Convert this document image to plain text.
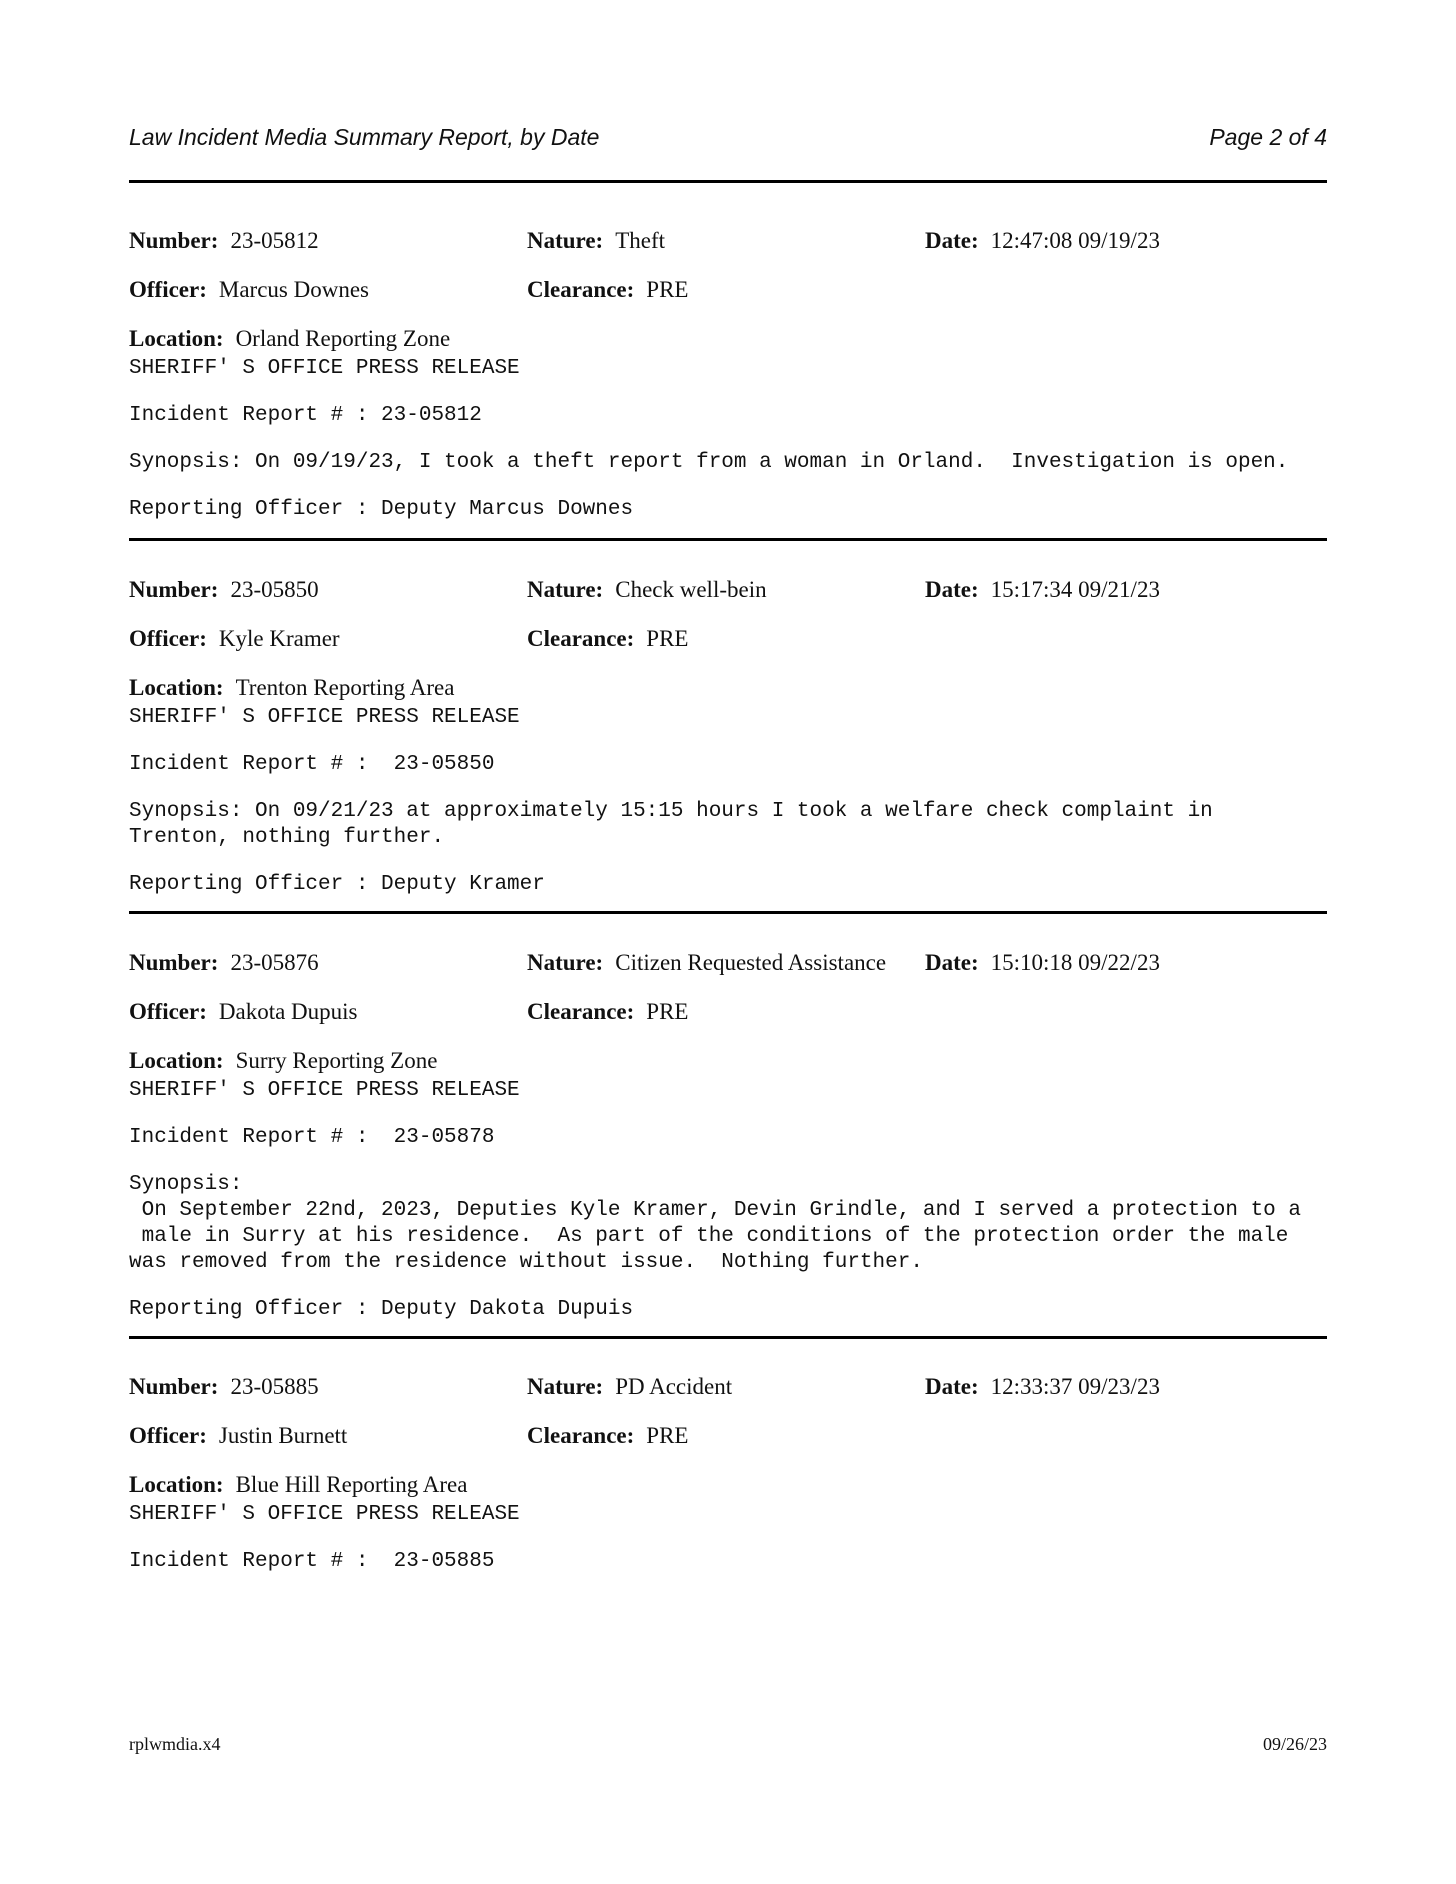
Law Incident Media Summary Report, by Date	Page 2 of 4
Number: 23-05812	Nature: Theft	Date: 12:47:08 09/19/23
Officer: Marcus Downes	Clearance: PRE
Location: Orland Reporting Zone
SHERIFF' S OFFICE PRESS RELEASE
Incident Report # : 23-05812
Synopsis: On 09/19/23, I took a theft report from a woman in Orland.  Investigation is open.
Reporting Officer : Deputy Marcus Downes
Number: 23-05850	Nature: Check well-bein	Date: 15:17:34 09/21/23
Officer: Kyle Kramer	Clearance: PRE
Location: Trenton Reporting Area
SHERIFF' S OFFICE PRESS RELEASE
Incident Report # :  23-05850
Synopsis: On 09/21/23 at approximately 15:15 hours I took a welfare check complaint in
Trenton, nothing further.
Reporting Officer : Deputy Kramer
Number: 23-05876	Nature: Citizen Requested Assistance Date: 15:10:18 09/22/23
Officer: Dakota Dupuis	Clearance: PRE
Location: Surry Reporting Zone
SHERIFF' S OFFICE PRESS RELEASE
Incident Report # :  23-05878
Synopsis:
On September 22nd, 2023, Deputies Kyle Kramer, Devin Grindle, and I served a protection to a
male in Surry at his residence.  As part of the conditions of the protection order the male
was removed from the residence without issue.  Nothing further.
Reporting Officer : Deputy Dakota Dupuis
Number: 23-05885	Nature: PD Accident	Date: 12:33:37 09/23/23
Officer: Justin Burnett	Clearance: PRE
Location: Blue Hill Reporting Area
SHERIFF' S OFFICE PRESS RELEASE
Incident Report # :  23-05885
rplwmdia.x4	09/26/23
